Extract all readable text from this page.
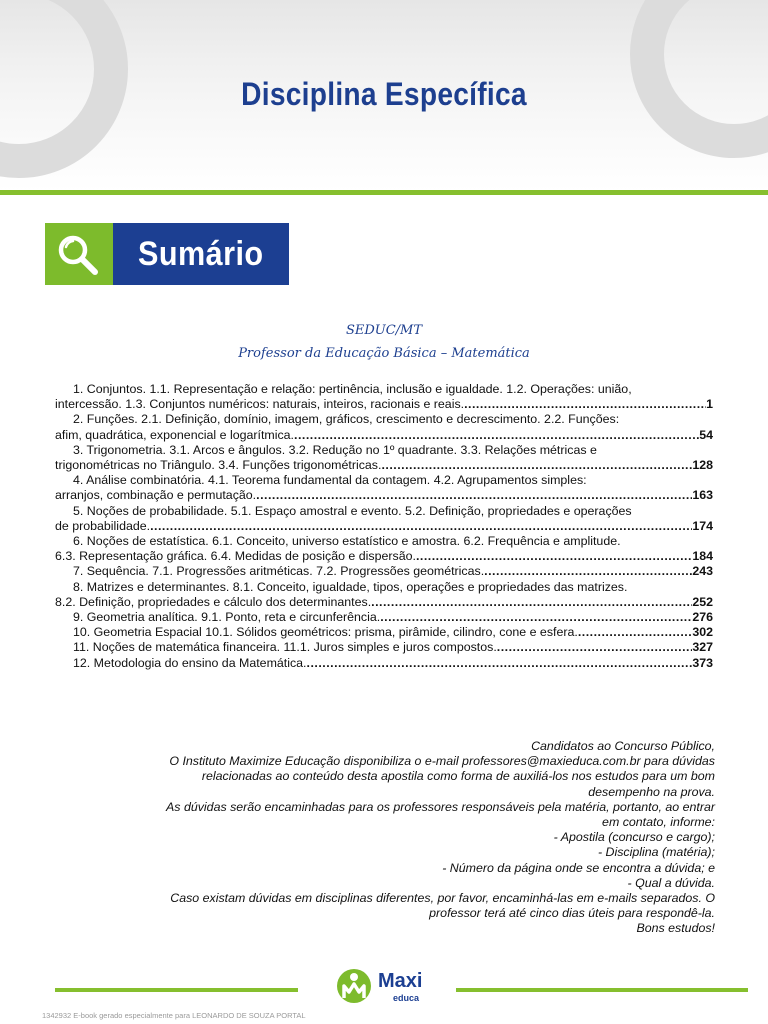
Disciplina Específica
Sumário
SEDUC/MT
Professor da Educação Básica – Matemática
1. Conjuntos. 1.1. Representação e relação: pertinência, inclusão e igualdade. 1.2. Operações: união,
intercessão. 1.3. Conjuntos numéricos: naturais, inteiros, racionais e reais. .....	1
2. Funções. 2.1. Definição, domínio, imagem, gráficos, crescimento e decrescimento. 2.2. Funções:
afim, quadrática, exponencial e logarítmica. .....	54
3. Trigonometria. 3.1. Arcos e ângulos. 3.2. Redução no 1º quadrante. 3.3. Relações métricas e
trigonométricas no Triângulo. 3.4. Funções trigonométricas. .....	128
4. Análise combinatória. 4.1. Teorema fundamental da contagem. 4.2. Agrupamentos simples:
arranjos, combinação e permutação. .....	163
5. Noções de probabilidade. 5.1. Espaço amostral e evento. 5.2. Definição, propriedades e operações
de probabilidade. .....	174
6. Noções de estatística. 6.1. Conceito, universo estatístico e amostra. 6.2. Frequência e amplitude.
6.3. Representação gráfica. 6.4. Medidas de posição e dispersão. .....	184
7. Sequência. 7.1. Progressões aritméticas. 7.2. Progressões geométricas. .....	243
8. Matrizes e determinantes. 8.1. Conceito, igualdade, tipos, operações e propriedades das matrizes.
8.2. Definição, propriedades e cálculo dos determinantes. .....	252
9. Geometria analítica. 9.1. Ponto, reta e circunferência. .....	276
10. Geometria Espacial 10.1. Sólidos geométricos: prisma, pirâmide, cilindro, cone e esfera. .....	302
11. Noções de matemática financeira. 11.1. Juros simples e juros compostos. .....	327
12. Metodologia do ensino da Matemática. .....	373
Candidatos ao Concurso Público,
O Instituto Maximize Educação disponibiliza o e-mail professores@maxieduca.com.br para dúvidas
relacionadas ao conteúdo desta apostila como forma de auxiliá-los nos estudos para um bom
desempenho na prova.
As dúvidas serão encaminhadas para os professores responsáveis pela matéria, portanto, ao entrar
em contato, informe:
- Apostila (concurso e cargo);
- Disciplina (matéria);
- Número da página onde se encontra a dúvida; e
- Qual a dúvida.
Caso existam dúvidas em disciplinas diferentes, por favor, encaminhá-las em e-mails separados. O
professor terá até cinco dias úteis para respondê-la.
Bons estudos!
Maxi
educa
1342932 E-book gerado especialmente para LEONARDO DE SOUZA PORTAL
